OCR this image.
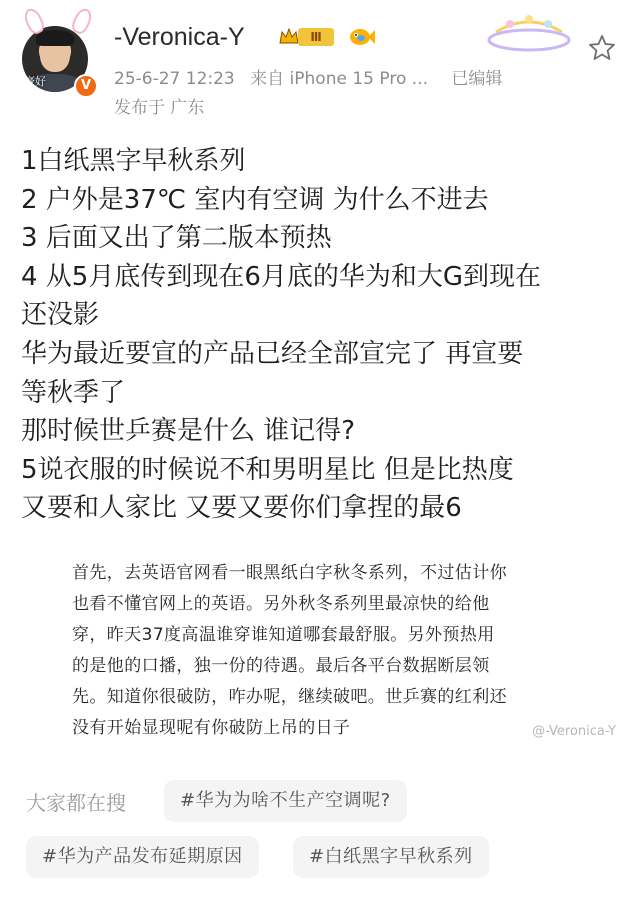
豪好	V
-Veronica-Y	Ⅲ
25-6-27 12:23 来自 iPhone 15 Pro ... 已编辑
发布于 广东
1白纸黑字早秋系列
2 户外是37℃ 室内有空调 为什么不进去
3 后面又出了第二版本预热
4 从5月底传到现在6月底的华为和大G到现在
还没影
华为最近要宣的产品已经全部宣完了 再宣要
等秋季了
那时候世乒赛是什么 谁记得?
5说衣服的时候说不和男明星比 但是比热度
又要和人家比 又要又要你们拿捏的最6
首先，去英语官网看一眼黑纸白字秋冬系列，不过估计你
也看不懂官网上的英语。另外秋冬系列里最凉快的给他
穿，昨天37度高温谁穿谁知道哪套最舒服。另外预热用
的是他的口播，独一份的待遇。最后各平台数据断层领
先。知道你很破防，咋办呢，继续破吧。世乒赛的红利还
没有开始显现呢有你破防上吊的日子	@-Veronica-Y
大家都在搜	#华为为啥不生产空调呢?
#华为产品发布延期原因	#白纸黑字早秋系列
